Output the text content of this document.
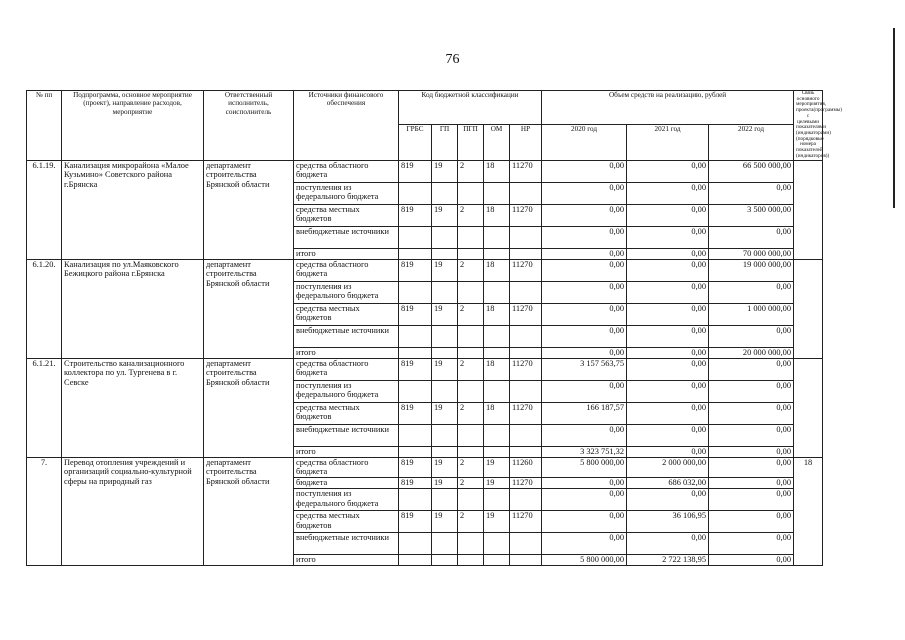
76
№ пп	Подпрограмма, основное мероприятие (проект), направление расходов, мероприятие	Ответственный исполнитель, соисполнитель	Источники финансового обеспечения	Код бюджетной классификации					Объем средств на реализацию, рублей			Связь основного мероприятия, проекта(программы) с целевыми показателями (индикаторами) (порядковые номера показателей (индикаторов))
				ГРБС	ГП	ПГП	ОМ	НР	2020 год	2021 год	2022 год	
6.1.19.	Канализация микрорайона «Малое Кузьмино» Советского района г.Брянска	департамент строительства Брянской области	средства областного бюджета	819	19	2	18	11270	0,00	0,00	66 500 000,00	
			поступления из федерального бюджета						0,00	0,00	0,00	
			средства местных бюджетов	819	19	2	18	11270	0,00	0,00	3 500 000,00	
			внебюджетные источники						0,00	0,00	0,00	
			итого						0,00	0,00	70 000 000,00	
6.1.20.	Канализация по ул.Маяковского Бежицкого района г.Брянска	департамент строительства Брянской области	средства областного бюджета	819	19	2	18	11270	0,00	0,00	19 000 000,00	
			поступления из федерального бюджета						0,00	0,00	0,00	
			средства местных бюджетов	819	19	2	18	11270	0,00	0,00	1 000 000,00	
			внебюджетные источники						0,00	0,00	0,00	
			итого						0,00	0,00	20 000 000,00	
6.1.21.	Строительство канализационного коллектора по ул. Тургенева в г. Севске	департамент строительства Брянской области	средства областного бюджета	819	19	2	18	11270	3 157 563,75	0,00	0,00	
			поступления из федерального бюджета						0,00	0,00	0,00	
			средства местных бюджетов	819	19	2	18	11270	166 187,57	0,00	0,00	
			внебюджетные источники						0,00	0,00	0,00	
			итого						3 323 751,32	0,00	0,00	
7.	Перевод отопления учреждений и организаций социально-культурной сферы на природный газ	департамент строительства Брянской области	средства областного бюджета	819	19	2	19	11260	5 800 000,00	2 000 000,00	0,00	18
			бюджета	819	19	2	19	11270	0,00	686 032,00	0,00	
			поступления из федерального бюджета						0,00	0,00	0,00	
			средства местных бюджетов	819	19	2	19	11270	0,00	36 106,95	0,00	
			внебюджетные источники						0,00	0,00	0,00	
			итого						5 800 000,00	2 722 138,95	0,00	
